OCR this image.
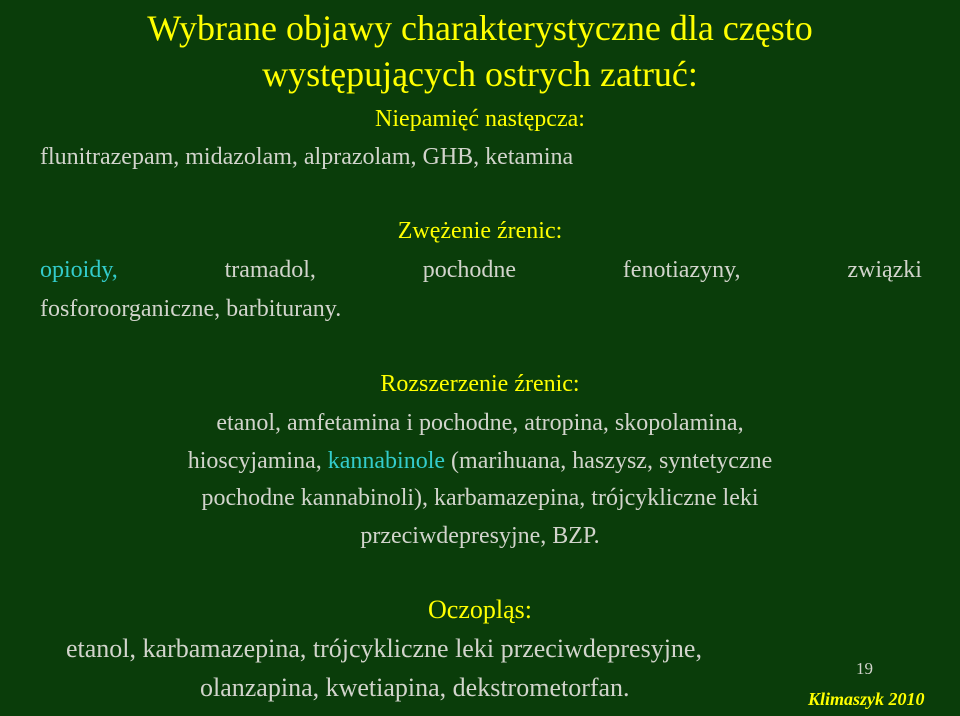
Wybrane objawy charakterystyczne dla często

występujących ostrych zatruć:

Niepamięć następcza:

flunitrazepam, midazolam, alprazolam, GHB, ketamina

Zwężenie źrenic:

opioidy,	tramadol,	pochodne	fenotiazyny,	związki

fosforoorganiczne, barbiturany.

Rozszerzenie źrenic:

etanol, amfetamina i pochodne, atropina, skopolamina,

hioscyjamina, kannabinole (marihuana, haszysz, syntetyczne

pochodne kannabinoli), karbamazepina, trójcykliczne leki

przeciwdepresyjne, BZP.

Oczopląs:

etanol, karbamazepina, trójcykliczne leki przeciwdepresyjne,

olanzapina, kwetiapina, dekstrometorfan.

19
Klimaszyk 2010
